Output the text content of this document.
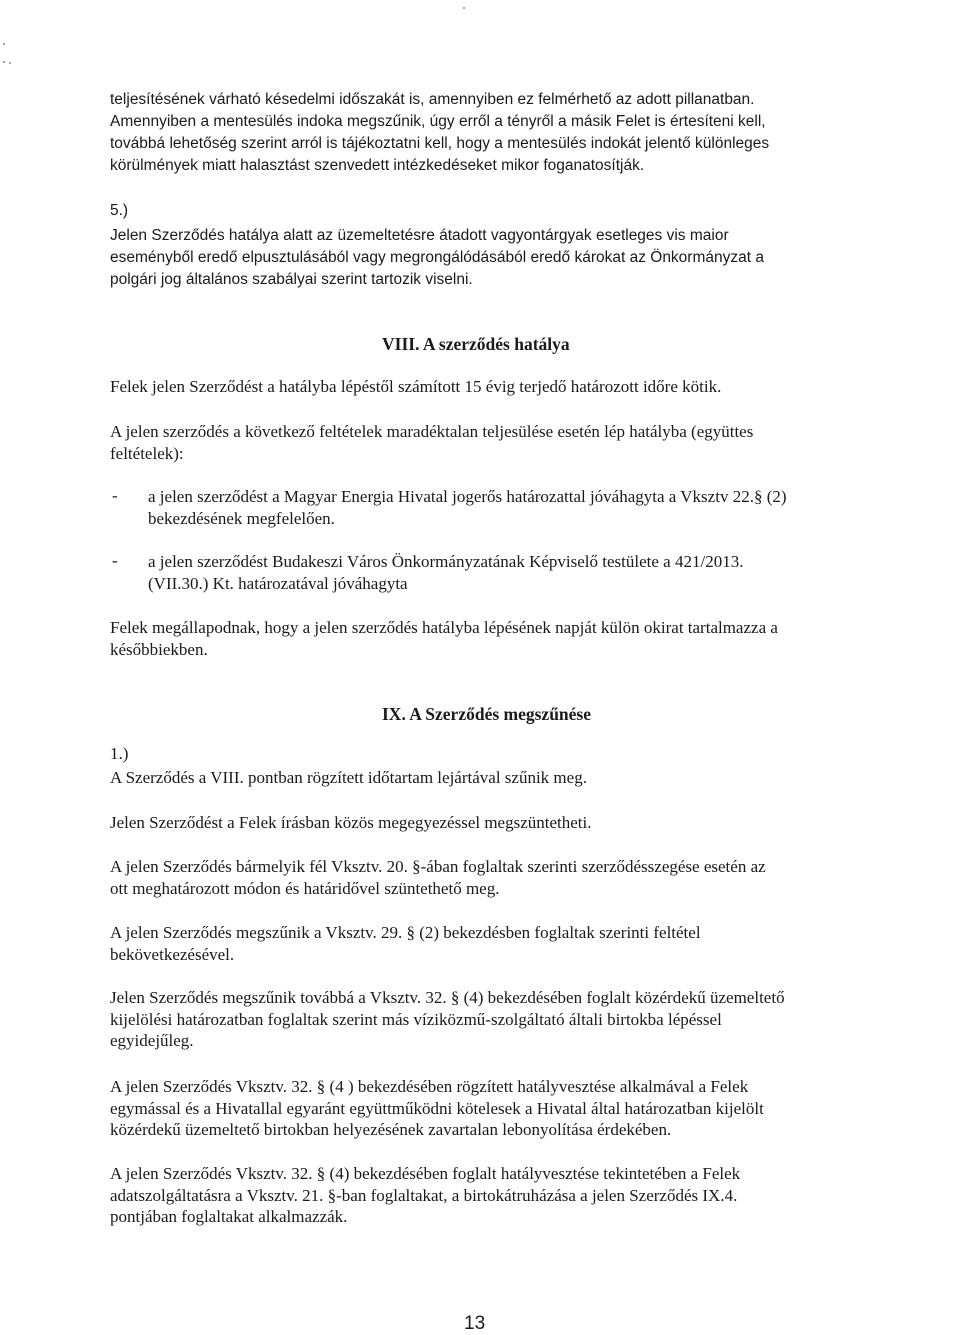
teljesítésének várható késedelmi időszakát is, amennyiben ez felmérhető az adott pillanatban.
Amennyiben a mentesülés indoka megszűnik, úgy erről a tényről a másik Felet is értesíteni kell,
továbbá lehetőség szerint arról is tájékoztatni kell, hogy a mentesülés indokát jelentő különleges
körülmények miatt halasztást szenvedett intézkedéseket mikor foganatosítják.
5.)
Jelen Szerződés hatálya alatt az üzemeltetésre átadott vagyontárgyak esetleges vis maior
eseményből eredő elpusztulásából vagy megrongálódásából eredő károkat az Önkormányzat a
polgári jog általános szabályai szerint tartozik viselni.
VIII. A szerződés hatálya
Felek jelen Szerződést a hatályba lépéstől számított 15 évig terjedő határozott időre kötik.
A jelen szerződés a következő feltételek maradéktalan teljesülése esetén lép hatályba (együttes
feltételek):
- a jelen szerződést a Magyar Energia Hivatal jogerős határozattal jóváhagyta a Vksztv 22.§ (2)
bekezdésének megfelelően.
- a jelen szerződést Budakeszi Város Önkormányzatának Képviselő testülete a 421/2013.
(VII.30.) Kt. határozatával jóváhagyta
Felek megállapodnak, hogy a jelen szerződés hatályba lépésének napját külön okirat tartalmazza a
későbbiekben.
IX. A Szerződés megszűnése
1.)
A Szerződés a VIII. pontban rögzített időtartam lejártával szűnik meg.
Jelen Szerződést a Felek írásban közös megegyezéssel megszüntetheti.
A jelen Szerződés bármelyik fél Vksztv. 20. §-ában foglaltak szerinti szerződésszegése esetén az
ott meghatározott módon és határidővel szüntethető meg.
A jelen Szerződés megszűnik a Vksztv. 29. § (2) bekezdésben foglaltak szerinti feltétel
bekövetkezésével.
Jelen Szerződés megszűnik továbbá a Vksztv. 32. § (4) bekezdésében foglalt közérdekű üzemeltető
kijelölési határozatban foglaltak szerint más víziközmű-szolgáltató általi birtokba lépéssel
egyidejűleg.
A jelen Szerződés Vksztv. 32. § (4 ) bekezdésében rögzített hatályvesztése alkalmával a Felek
egymással és a Hivatallal egyaránt együttműködni kötelesek a Hivatal által határozatban kijelölt
közérdekű üzemeltető birtokban helyezésének zavartalan lebonyolítása érdekében.
A jelen Szerződés Vksztv. 32. § (4) bekezdésében foglalt hatályvesztése tekintetében a Felek
adatszolgáltatásra a Vksztv. 21. §-ban foglaltakat, a birtokátruházása a jelen Szerződés IX.4.
pontjában foglaltakat alkalmazzák.
13
